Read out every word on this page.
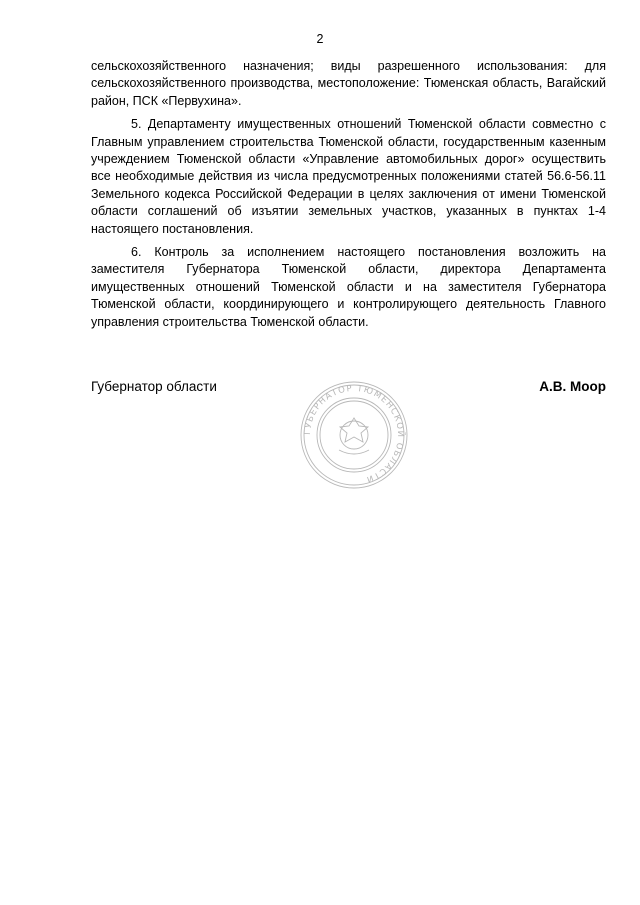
2

сельскохозяйственного назначения; виды разрешенного использования: для сельскохозяйственного производства, местоположение: Тюменская область, Вагайский район, ПСК «Первухина».

5. Департаменту имущественных отношений Тюменской области совместно с Главным управлением строительства Тюменской области, государственным казенным учреждением Тюменской области «Управление автомобильных дорог» осуществить все необходимые действия из числа предусмотренных положениями статей 56.6-56.11 Земельного кодекса Российской Федерации в целях заключения от имени Тюменской области соглашений об изъятии земельных участков, указанных в пунктах 1-4 настоящего постановления.

6. Контроль за исполнением настоящего постановления возложить на заместителя Губернатора Тюменской области, директора Департамента имущественных отношений Тюменской области и на заместителя Губернатора Тюменской области, координирующего и контролирующего деятельность Главного управления строительства Тюменской области.

Губернатор области	А.В. Моор
ГУБЕРНАТОР ТЮМЕНСКОЙ ОБЛАСТИ
